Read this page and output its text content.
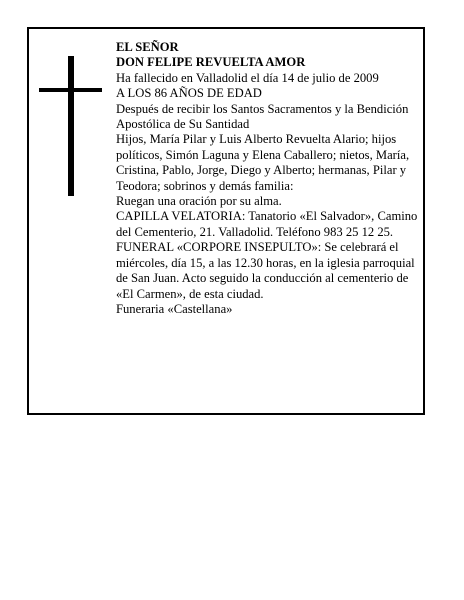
EL SEÑOR

DON FELIPE REVUELTA AMOR

Ha fallecido en Valladolid el día 14 de julio de 2009

A LOS 86 AÑOS DE EDAD

Después de recibir los Santos Sacramentos y la Bendición Apostólica de Su Santidad

Hijos, María Pilar y Luis Alberto Revuelta Alario; hijos políticos, Simón Laguna y Elena Caballero; nietos, María, Cristina, Pablo, Jorge, Diego y Alberto; hermanas, Pilar y Teodora; sobrinos y demás familia:

Ruegan una oración por su alma.

CAPILLA VELATORIA: Tanatorio «El Salvador», Camino del Cementerio, 21. Valladolid. Teléfono 983 25 12 25.

FUNERAL «CORPORE INSEPULTO»: Se celebrará el miércoles, día 15, a las 12.30 horas, en la iglesia parroquial de San Juan. Acto seguido la conducción al cementerio de «El Carmen», de esta ciudad.

Funeraria «Castellana»
